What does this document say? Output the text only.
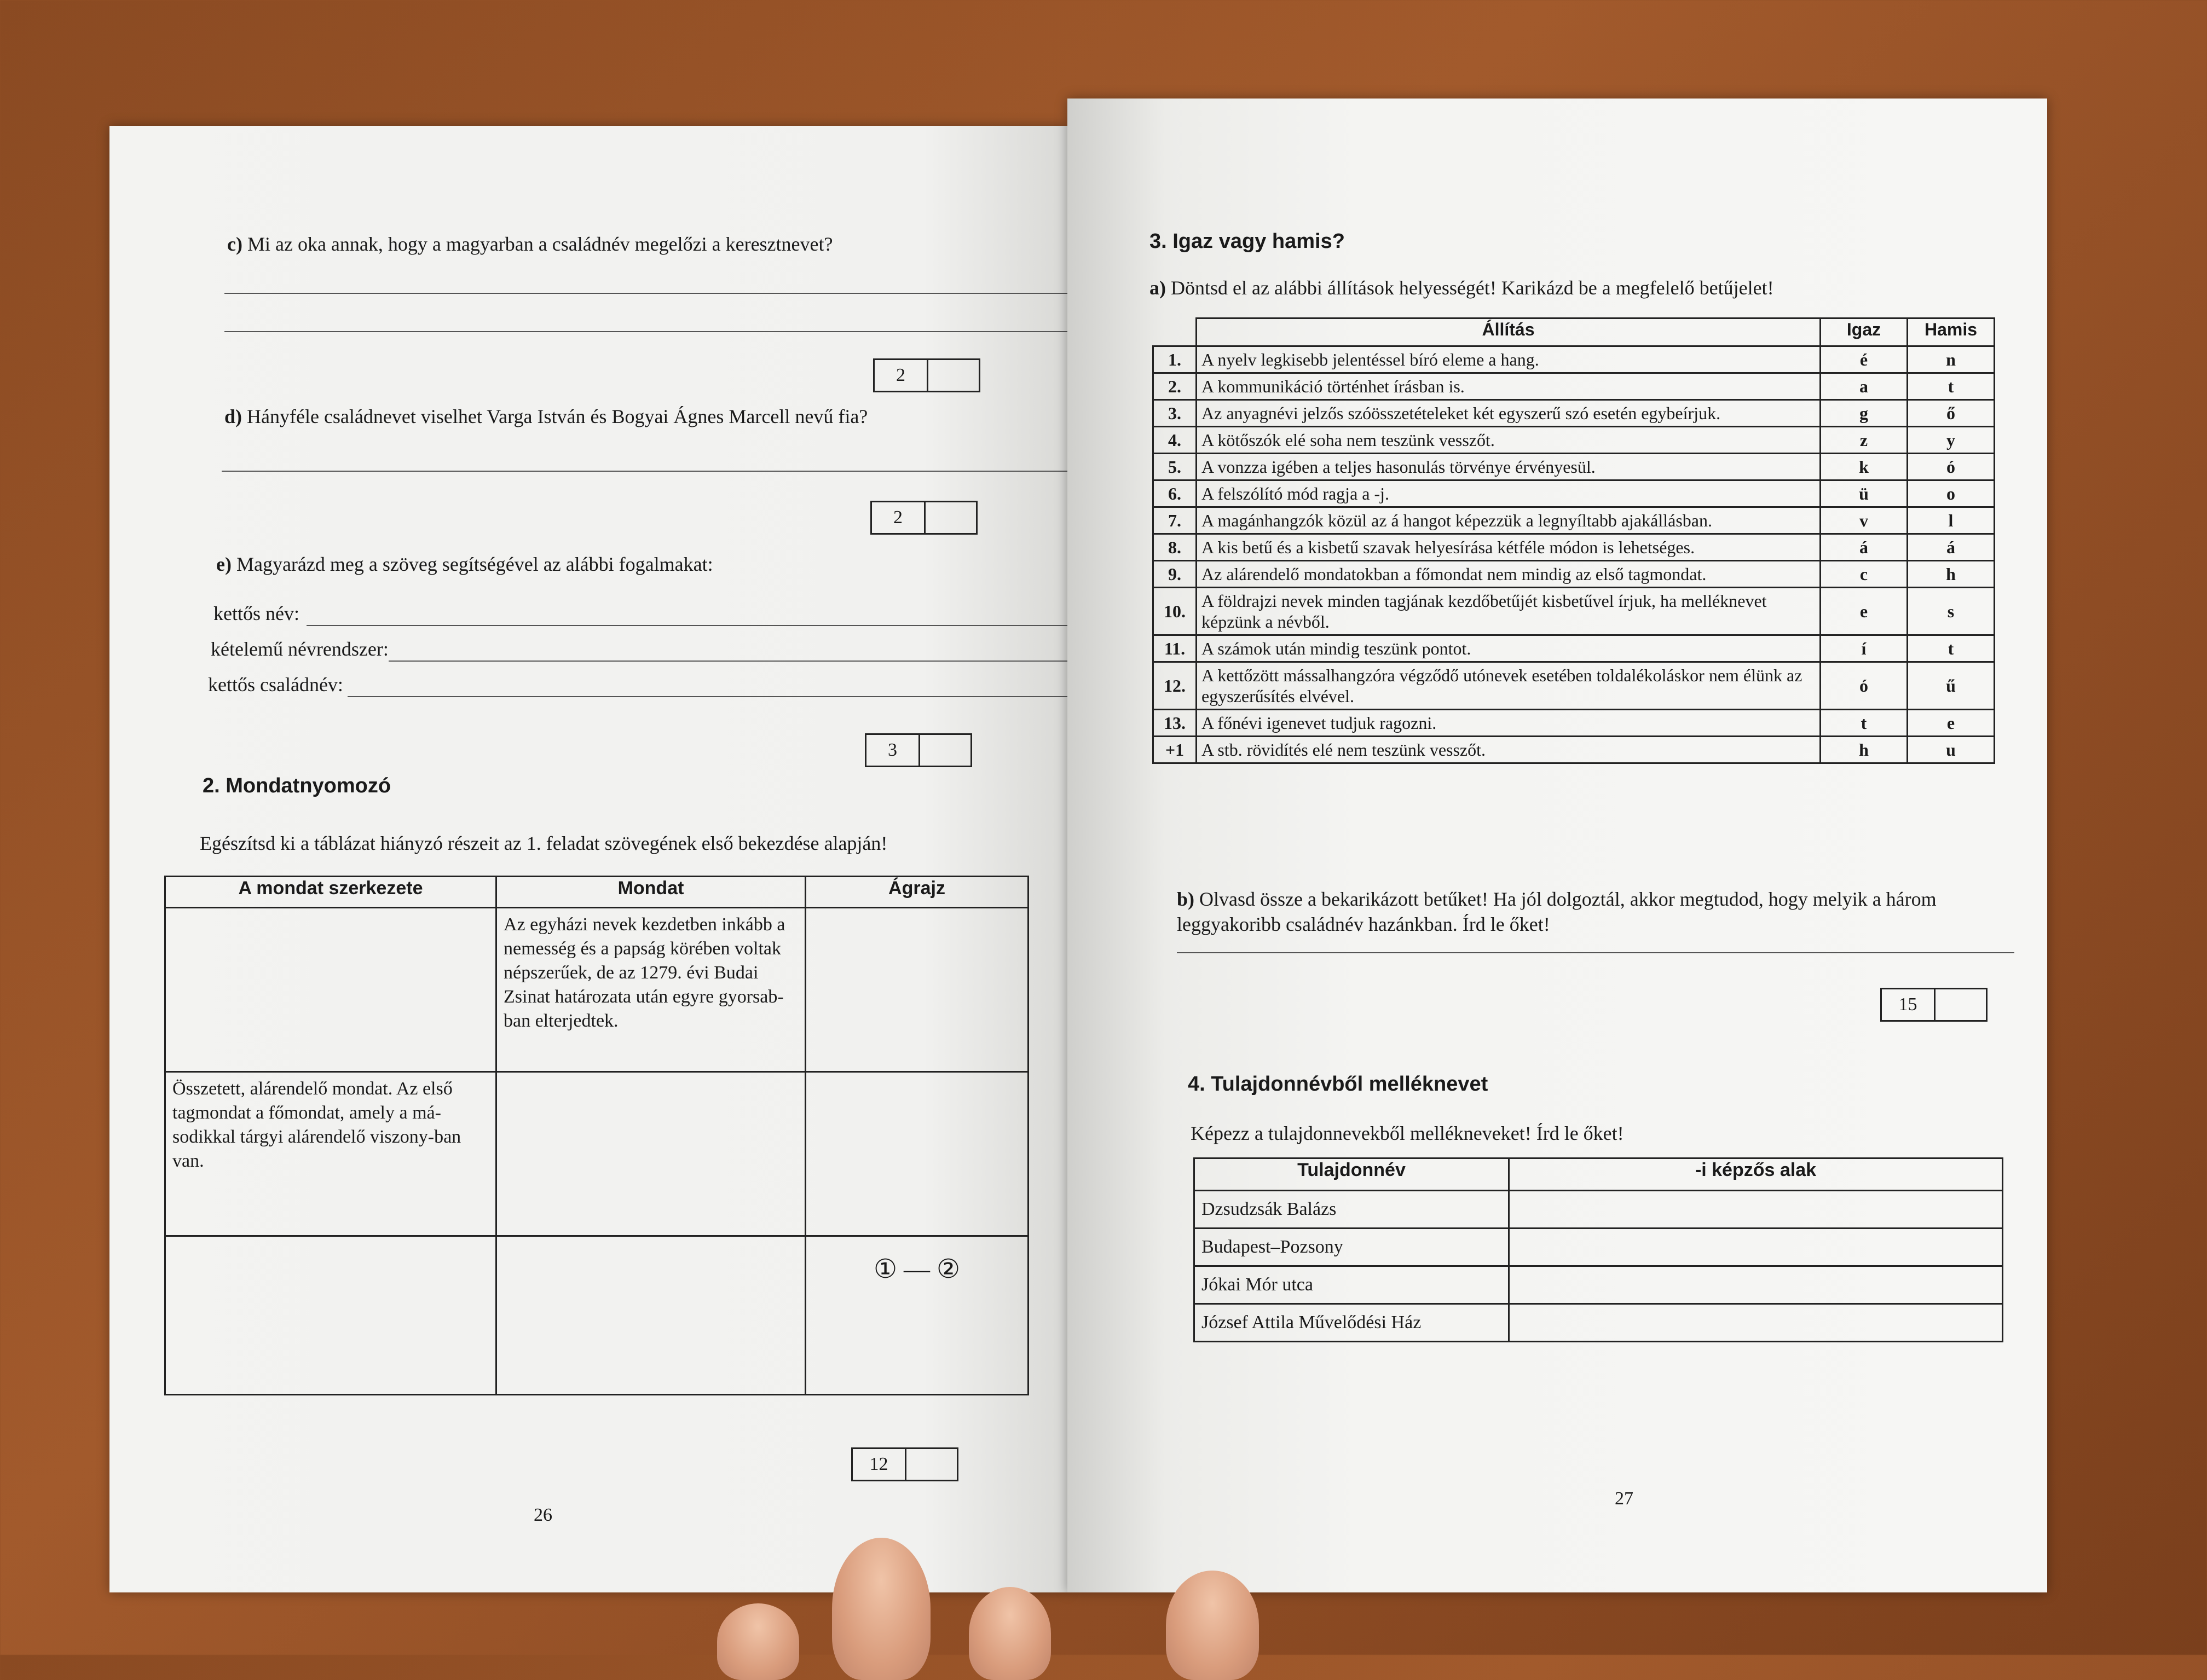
c) Mi az oka annak, hogy a magyarban a családnév megelőzi a keresztnevet?
2
d) Hányféle családnevet viselhet Varga István és Bogyai Ágnes Marcell nevű fia?
2
e) Magyarázd meg a szöveg segítségével az alábbi fogalmakat:
kettős név:
kételemű névrendszer:
kettős családnév:
3
2. Mondatnyomozó
Egészítsd ki a táblázat hiányzó részeit az 1. feladat szövegének első bekezdése alapján!
A mondat szerkezete	Mondat	Ágrajz
	Az egyházi nevek kezdetben inkább a nemesség és a papság körében voltak népszerűek, de az 1279. évi Budai Zsinat határozata után egyre gyorsab-ban elterjedtek.	
Összetett, alárendelő mondat. Az első tagmondat a főmondat, amely a má-sodikkal tárgyi alárendelő viszony-ban van.		

		① — ②
12
26
3. Igaz vagy hamis?
a) Döntsd el az alábbi állítások helyességét! Karikázd be a megfelelő betűjelet!
	Állítás	Igaz	Hamis
1.	A nyelv legkisebb jelentéssel bíró eleme a hang.	é	n
2.	A kommunikáció történhet írásban is.	a	t
3.	Az anyagnévi jelzős szóösszetételeket két egyszerű szó esetén egybeírjuk.	g	ő
4.	A kötőszók elé soha nem teszünk vesszőt.	z	y
5.	A vonzza igében a teljes hasonulás törvénye érvényesül.	k	ó
6.	A felszólító mód ragja a -j.	ü	o
7.	A magánhangzók közül az á hangot képezzük a legnyíltabb ajakállásban.	v	l
8.	A kis betű és a kisbetű szavak helyesírása kétféle módon is lehetséges.	á	á
9.	Az alárendelő mondatokban a főmondat nem mindig az első tagmondat.	c	h
10.	A földrajzi nevek minden tagjának kezdőbetűjét kisbetűvel írjuk, ha melléknevet képzünk a névből.	e	s
11.	A számok után mindig teszünk pontot.	í	t
12.	A kettőzött mássalhangzóra végződő utónevek esetében toldalékoláskor nem élünk az egyszerűsítés elvével.	ó	ű
13.	A főnévi igenevet tudjuk ragozni.	t	e
+1	A stb. rövidítés elé nem teszünk vesszőt.	h	u
b) Olvasd össze a bekarikázott betűket! Ha jól dolgoztál, akkor megtudod, hogy melyik a három leggyakoribb családnév hazánkban. Írd le őket!
15
4. Tulajdonnévből melléknevet
Képezz a tulajdonnevekből mellékneveket! Írd le őket!
Tulajdonnév	-i képzős alak
Dzsudzsák Balázs	
Budapest–Pozsony	
Jókai Mór utca	
József Attila Művelődési Ház	
27
